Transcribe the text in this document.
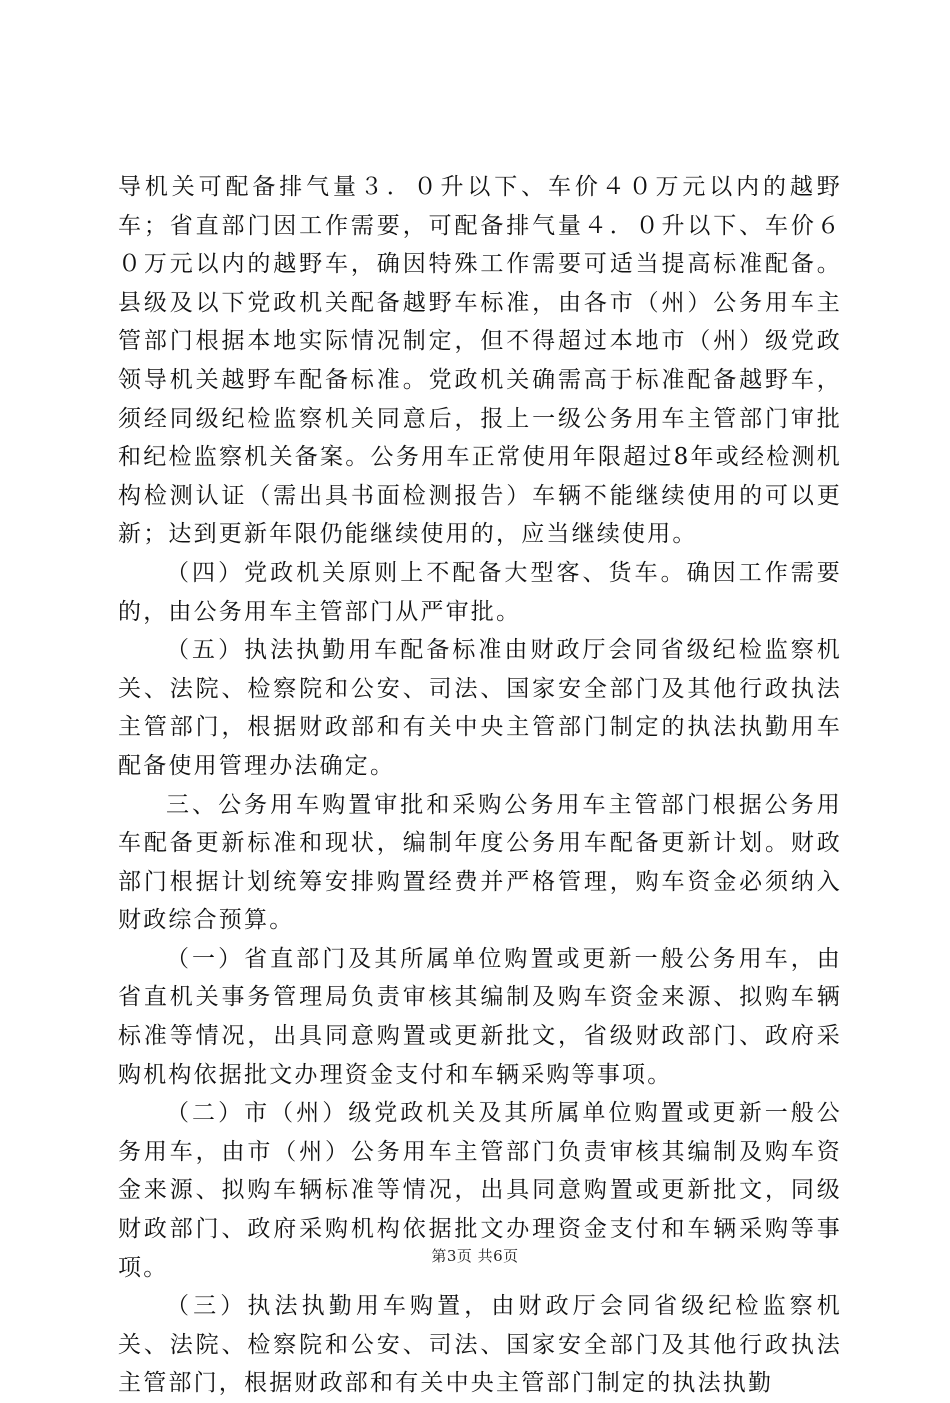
导机关可配备排气量３．０升以下、车价４０万元以内的越野车；省直部门因工作需要，可配备排气量４．０升以下、车价６０万元以内的越野车，确因特殊工作需要可适当提高标准配备。县级及以下党政机关配备越野车标准，由各市（州）公务用车主管部门根据本地实际情况制定，但不得超过本地市（州）级党政领导机关越野车配备标准。党政机关确需高于标准配备越野车，须经同级纪检监察机关同意后，报上一级公务用车主管部门审批和纪检监察机关备案。公务用车正常使用年限超过8年或经检测机构检测认证（需出具书面检测报告）车辆不能继续使用的可以更新；达到更新年限仍能继续使用的，应当继续使用。

（四）党政机关原则上不配备大型客、货车。确因工作需要的，由公务用车主管部门从严审批。

（五）执法执勤用车配备标准由财政厅会同省级纪检监察机关、法院、检察院和公安、司法、国家安全部门及其他行政执法主管部门，根据财政部和有关中央主管部门制定的执法执勤用车配备使用管理办法确定。

三、公务用车购置审批和采购公务用车主管部门根据公务用车配备更新标准和现状，编制年度公务用车配备更新计划。财政部门根据计划统筹安排购置经费并严格管理，购车资金必须纳入财政综合预算。

（一）省直部门及其所属单位购置或更新一般公务用车，由省直机关事务管理局负责审核其编制及购车资金来源、拟购车辆标准等情况，出具同意购置或更新批文，省级财政部门、政府采购机构依据批文办理资金支付和车辆采购等事项。

（二）市（州）级党政机关及其所属单位购置或更新一般公务用车，由市（州）公务用车主管部门负责审核其编制及购车资金来源、拟购车辆标准等情况，出具同意购置或更新批文，同级财政部门、政府采购机构依据批文办理资金支付和车辆采购等事项。

（三）执法执勤用车购置，由财政厅会同省级纪检监察机关、法院、检察院和公安、司法、国家安全部门及其他行政执法主管部门，根据财政部和有关中央主管部门制定的执法执勤

第3页 共6页
